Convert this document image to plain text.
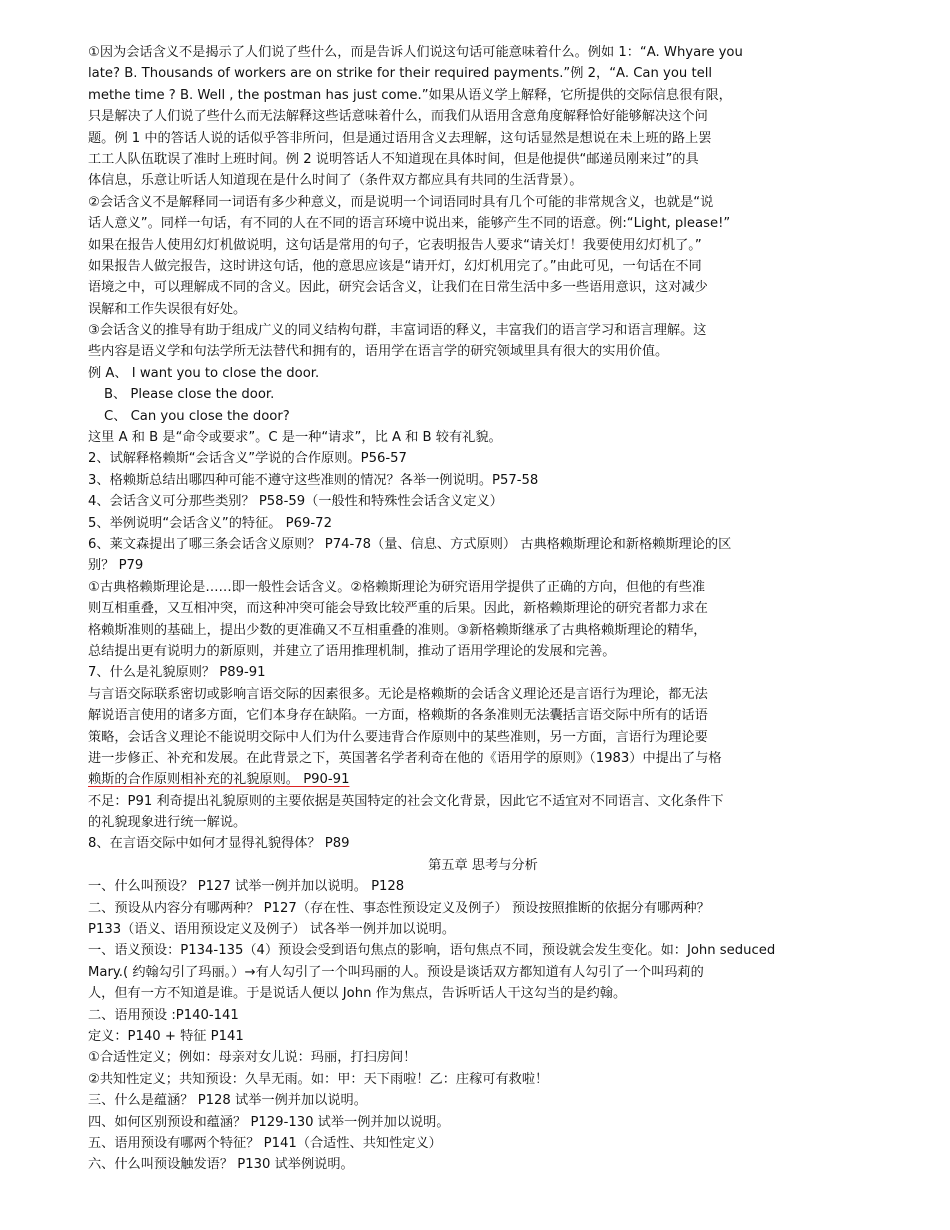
①因为会话含义不是揭示了人们说了些什么，而是告诉人们说这句话可能意味着什么。例如 1：“A. Whyare you
late? B. Thousands of workers are on strike for their required payments.”例 2，“A. Can you tell
methe time ? B. Well , the postman has just come.”如果从语义学上解释，它所提供的交际信息很有限，
只是解决了人们说了些什么而无法解释这些话意味着什么，而我们从语用含意角度解释恰好能够解决这个问
题。例 1 中的答话人说的话似乎答非所问，但是通过语用含义去理解，这句话显然是想说在未上班的路上罢
工工人队伍耽误了准时上班时间。例 2 说明答话人不知道现在具体时间，但是他提供“邮递员刚来过”的具
体信息，乐意让听话人知道现在是什么时间了（条件双方都应具有共同的生活背景）。
②会话含义不是解释同一词语有多少种意义，而是说明一个词语同时具有几个可能的非常规含义，也就是“说
话人意义”。同样一句话，有不同的人在不同的语言环境中说出来，能够产生不同的语意。例:“Light, please!”
如果在报告人使用幻灯机做说明，这句话是常用的句子，它表明报告人要求“请关灯！我要使用幻灯机了。”
如果报告人做完报告，这时讲这句话，他的意思应该是“请开灯，幻灯机用完了。”由此可见，一句话在不同
语境之中，可以理解成不同的含义。因此，研究会话含义，让我们在日常生活中多一些语用意识，这对减少
误解和工作失误很有好处。
③会话含义的推导有助于组成广义的同义结构句群，丰富词语的释义，丰富我们的语言学习和语言理解。这
些内容是语义学和句法学所无法替代和拥有的，语用学在语言学的研究领域里具有很大的实用价值。
例 A、 I want you to close the door.
B、 Please close the door.
C、 Can you close the door?
这里 A 和 B 是“命令或要求”。C 是一种“请求”，比 A 和 B 较有礼貌。
2、试解释格赖斯“会话含义”学说的合作原则。P56-57
3、格赖斯总结出哪四种可能不遵守这些准则的情况？各举一例说明。P57-58
4、会话含义可分那些类别？ P58-59（一般性和特殊性会话含义定义）
5、举例说明“会话含义”的特征。 P69-72
6、莱文森提出了哪三条会话含义原则？ P74-78（量、信息、方式原则） 古典格赖斯理论和新格赖斯理论的区
别？ P79
①古典格赖斯理论是……即一般性会话含义。②格赖斯理论为研究语用学提供了正确的方向，但他的有些准
则互相重叠，又互相冲突，而这种冲突可能会导致比较严重的后果。因此，新格赖斯理论的研究者都力求在
格赖斯准则的基础上，提出少数的更准确又不互相重叠的准则。③新格赖斯继承了古典格赖斯理论的精华，
总结提出更有说明力的新原则，并建立了语用推理机制，推动了语用学理论的发展和完善。
7、什么是礼貌原则？ P89-91
与言语交际联系密切或影响言语交际的因素很多。无论是格赖斯的会话含义理论还是言语行为理论，都无法
解说语言使用的诸多方面，它们本身存在缺陷。一方面，格赖斯的各条准则无法囊括言语交际中所有的话语
策略，会话含义理论不能说明交际中人们为什么要违背合作原则中的某些准则，另一方面，言语行为理论要
进一步修正、补充和发展。在此背景之下，英国著名学者利奇在他的《语用学的原则》（1983）中提出了与格
赖斯的合作原则相补充的礼貌原则。 P90-91
不足：P91 利奇提出礼貌原则的主要依据是英国特定的社会文化背景，因此它不适宜对不同语言、文化条件下
的礼貌现象进行统一解说。
8、在言语交际中如何才显得礼貌得体？ P89
第五章 思考与分析
一、什么叫预设？ P127 试举一例并加以说明。 P128
二、预设从内容分有哪两种？ P127（存在性、事态性预设定义及例子） 预设按照推断的依据分有哪两种？
P133（语义、语用预设定义及例子） 试各举一例并加以说明。
一、语义预设：P134-135（4）预设会受到语句焦点的影响，语句焦点不同，预设就会发生变化。如：John seduced
Mary.( 约翰勾引了玛丽。）→有人勾引了一个叫玛丽的人。预设是谈话双方都知道有人勾引了一个叫玛莉的
人，但有一方不知道是谁。于是说话人便以 John 作为焦点，告诉听话人干这勾当的是约翰。
二、语用预设 :P140-141
定义：P140 + 特征 P141
①合适性定义；例如：母亲对女儿说：玛丽，打扫房间！
②共知性定义；共知预设：久旱无雨。如：甲：天下雨啦！乙：庄稼可有救啦！
三、什么是蕴涵？ P128 试举一例并加以说明。
四、如何区别预设和蕴涵？ P129-130 试举一例并加以说明。
五、语用预设有哪两个特征？ P141（合适性、共知性定义）
六、什么叫预设触发语？ P130 试举例说明。
